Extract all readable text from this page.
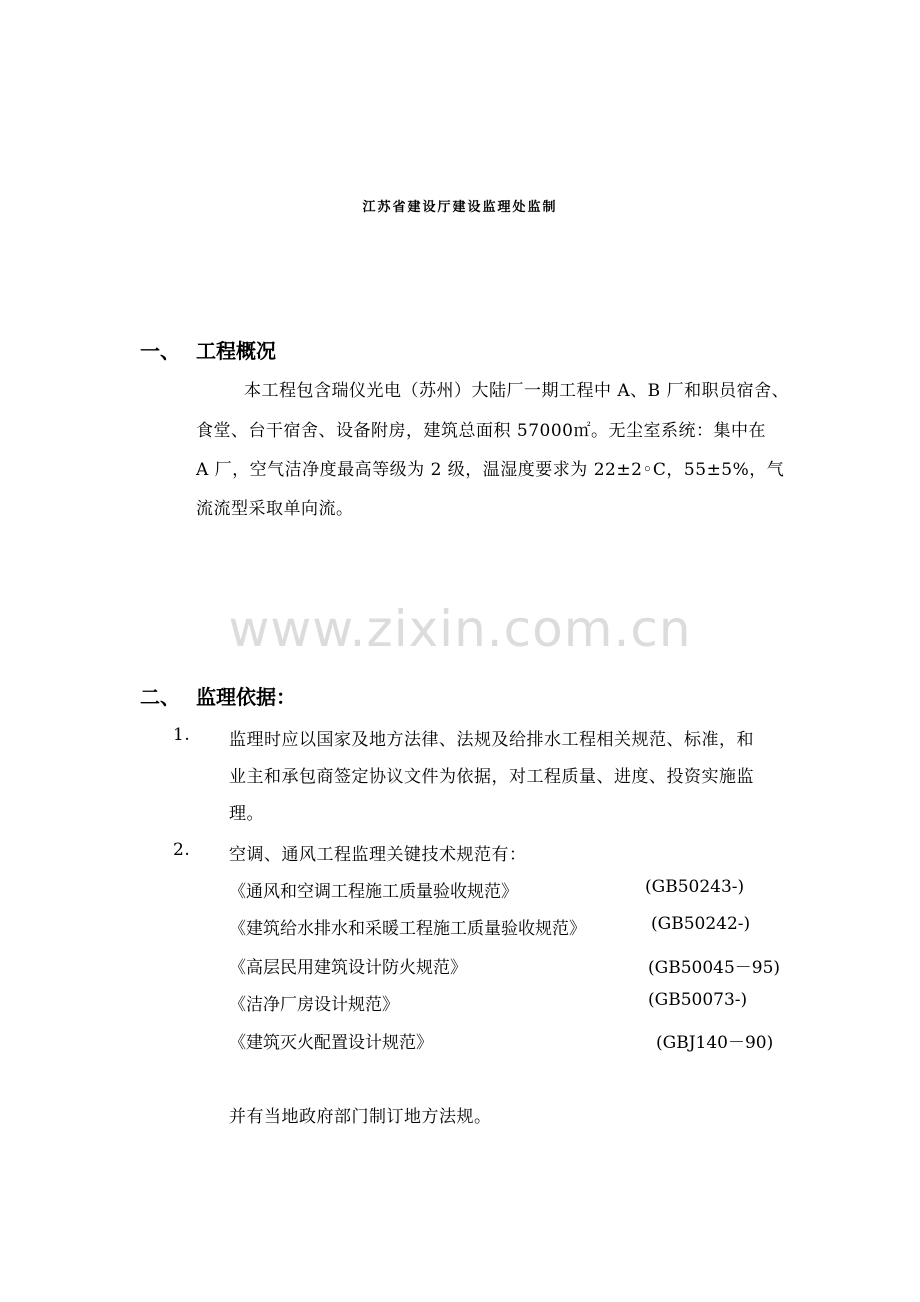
江苏省建设厅建设监理处监制
一、 工程概况
本工程包含瑞仪光电（苏州）大陆厂一期工程中 A、B 厂和职员宿舍、
食堂、台干宿舍、设备附房，建筑总面积 57000㎡。无尘室系统：集中在
A 厂，空气洁净度最高等级为 2 级，温湿度要求为 22±2◦C，55±5%，气
流流型采取单向流。
www.zixin.com.cn
二、 监理依据：
1. 监理时应以国家及地方法律、法规及给排水工程相关规范、标准，和
业主和承包商签定协议文件为依据，对工程质量、进度、投资实施监
理。
2. 空调、通风工程监理关键技术规范有：
《通风和空调工程施工质量验收规范》	(GB50243-)
《建筑给水排水和采暖工程施工质量验收规范》	(GB50242-)
《高层民用建筑设计防火规范》	(GB50045－95)
《洁净厂房设计规范》	(GB50073-)
《建筑灭火配置设计规范》	(GBJ140－90)
并有当地政府部门制订地方法规。
